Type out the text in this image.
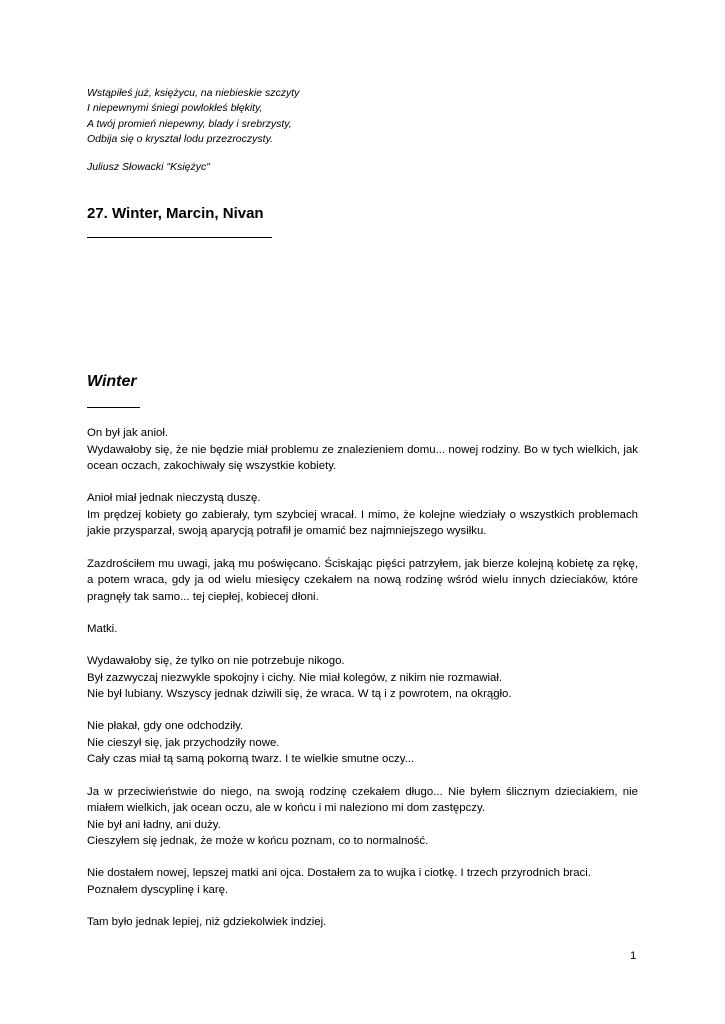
Wstąpiłeś już, księżycu, na niebieskie szczyty
I niepewnymi śniegi powlokłeś błękity,
A twój promień niepewny, blady i srebrzysty,
Odbija się o kryształ lodu przezroczysty.
Juliusz Słowacki "Księżyc"
27. Winter, Marcin, Nivan
Winter

On był jak anioł.
Wydawałoby się, że nie będzie miał problemu ze znalezieniem domu... nowej rodziny. Bo w tych wielkich, jak ocean oczach, zakochiwały się wszystkie kobiety.

Anioł miał jednak nieczystą duszę.
Im prędzej kobiety go zabierały, tym szybciej wracał. I mimo, że kolejne wiedziały o wszystkich problemach jakie przysparzał, swoją aparycją potrafił je omamić bez najmniejszego wysiłku.

Zazdrościłem mu uwagi, jaką mu poświęcano. Ściskając pięści patrzyłem, jak bierze kolejną kobietę za rękę, a potem wraca, gdy ja od wielu miesięcy czekałem na nową rodzinę wśród wielu innych dzieciaków, które pragnęły tak samo... tej ciepłej, kobiecej dłoni.

Matki.

Wydawałoby się, że tylko on nie potrzebuje nikogo.
Był zazwyczaj niezwykle spokojny i cichy. Nie miał kolegów, z nikim nie rozmawiał.
Nie był lubiany. Wszyscy jednak dziwili się, że wraca. W tą i z powrotem, na okrągło.

Nie płakał, gdy one odchodziły.
Nie cieszył się, jak przychodziły nowe.
Cały czas miał tą samą pokorną twarz. I te wielkie smutne oczy...

Ja w przeciwieństwie do niego, na swoją rodzinę czekałem długo... Nie byłem ślicznym dzieciakiem, nie miałem wielkich, jak ocean oczu, ale w końcu i mi naleziono mi dom zastępczy.
Nie był ani ładny, ani duży.
Cieszyłem się jednak, że może w końcu poznam, co to normalność.

Nie dostałem nowej, lepszej matki ani ojca. Dostałem za to wujka i ciotkę. I trzech przyrodnich braci.
Poznałem dyscyplinę i karę.

Tam było jednak lepiej, niż gdziekolwiek indziej.

1
